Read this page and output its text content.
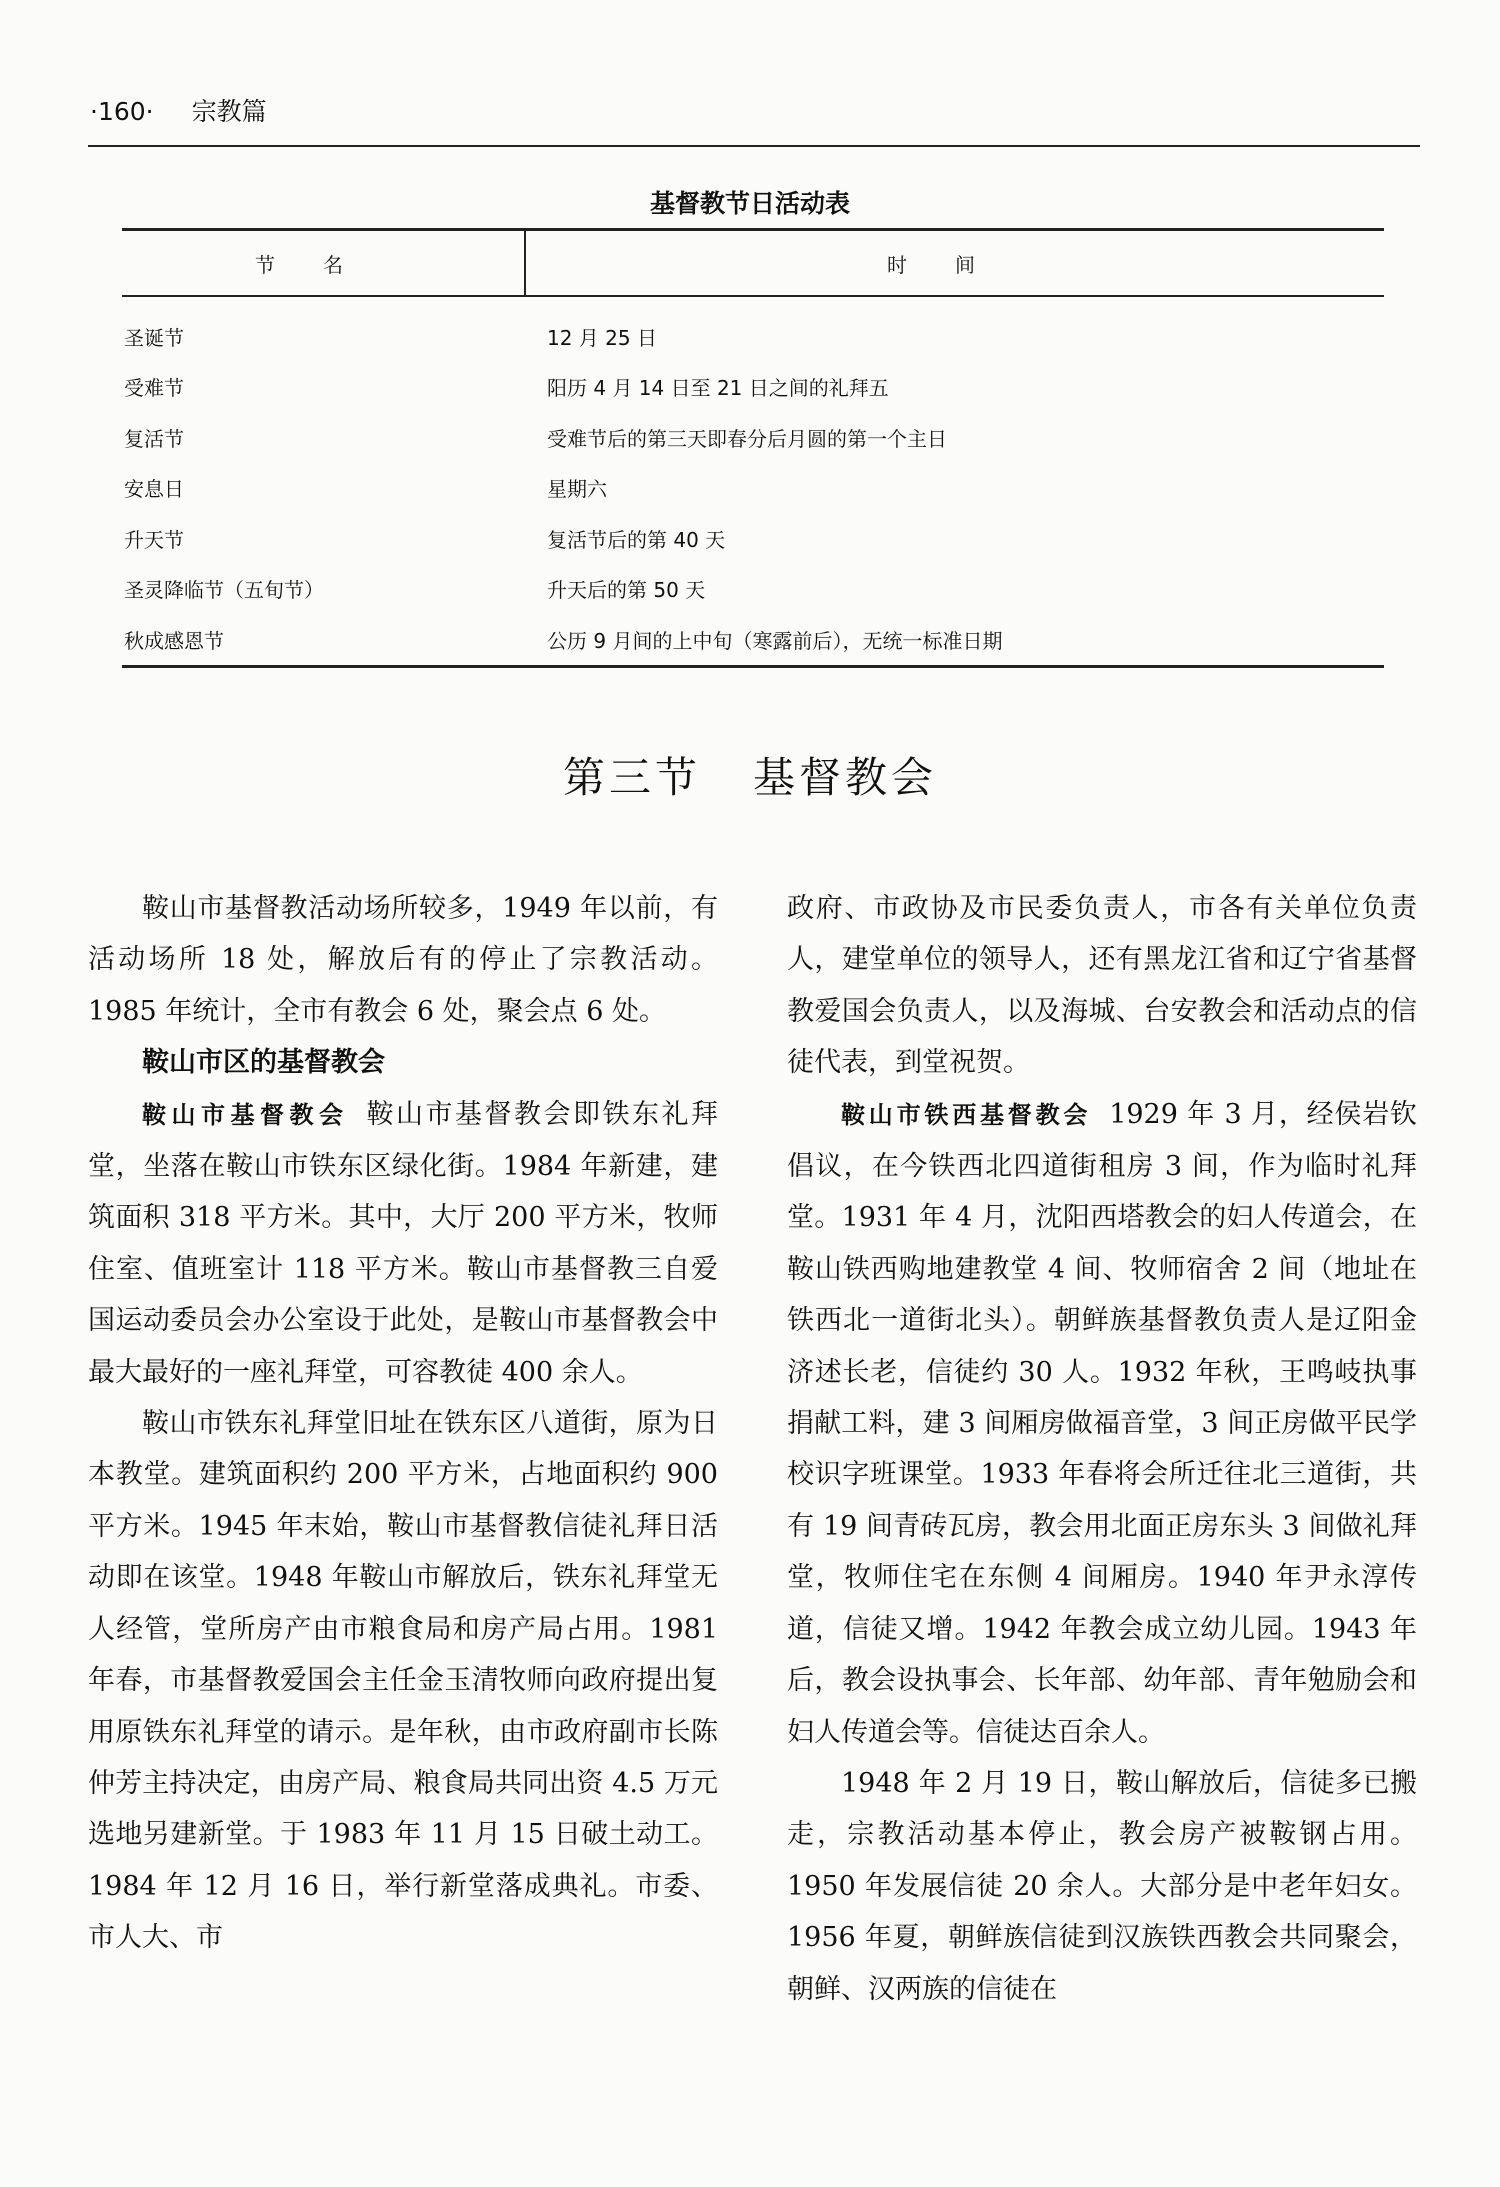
·160· 宗教篇
基督教节日活动表
节名	时间
圣诞节	12 月 25 日
受难节	阳历 4 月 14 日至 21 日之间的礼拜五
复活节	受难节后的第三天即春分后月圆的第一个主日
安息日	星期六
升天节	复活节后的第 40 天
圣灵降临节（五旬节）	升天后的第 50 天
秋成感恩节	公历 9 月间的上中旬（寒露前后），无统一标准日期
第三节 基督教会

鞍山市基督教活动场所较多，1949 年以前，有活动场所 18 处，解放后有的停止了宗教活动。1985 年统计，全市有教会 6 处，聚会点 6 处。

鞍山市区的基督教会

鞍山市基督教会 鞍山市基督教会即铁东礼拜堂，坐落在鞍山市铁东区绿化街。1984 年新建，建筑面积 318 平方米。其中，大厅 200 平方米，牧师住室、值班室计 118 平方米。鞍山市基督教三自爱国运动委员会办公室设于此处，是鞍山市基督教会中最大最好的一座礼拜堂，可容教徒 400 余人。

鞍山市铁东礼拜堂旧址在铁东区八道街，原为日本教堂。建筑面积约 200 平方米，占地面积约 900 平方米。1945 年末始，鞍山市基督教信徒礼拜日活动即在该堂。1948 年鞍山市解放后，铁东礼拜堂无人经管，堂所房产由市粮食局和房产局占用。1981 年春，市基督教爱国会主任金玉清牧师向政府提出复用原铁东礼拜堂的请示。是年秋，由市政府副市长陈仲芳主持决定，由房产局、粮食局共同出资 4.5 万元选地另建新堂。于 1983 年 11 月 15 日破土动工。1984 年 12 月 16 日，举行新堂落成典礼。市委、市人大、市

政府、市政协及市民委负责人，市各有关单位负责人，建堂单位的领导人，还有黑龙江省和辽宁省基督教爱国会负责人，以及海城、台安教会和活动点的信徒代表，到堂祝贺。

鞍山市铁西基督教会 1929 年 3 月，经侯岩钦倡议，在今铁西北四道街租房 3 间，作为临时礼拜堂。1931 年 4 月，沈阳西塔教会的妇人传道会，在鞍山铁西购地建教堂 4 间、牧师宿舍 2 间（地址在铁西北一道街北头）。朝鲜族基督教负责人是辽阳金济述长老，信徒约 30 人。1932 年秋，王鸣岐执事捐献工料，建 3 间厢房做福音堂，3 间正房做平民学校识字班课堂。1933 年春将会所迁往北三道街，共有 19 间青砖瓦房，教会用北面正房东头 3 间做礼拜堂，牧师住宅在东侧 4 间厢房。1940 年尹永淳传道，信徒又增。1942 年教会成立幼儿园。1943 年后，教会设执事会、长年部、幼年部、青年勉励会和妇人传道会等。信徒达百余人。

1948 年 2 月 19 日，鞍山解放后，信徒多已搬走，宗教活动基本停止，教会房产被鞍钢占用。1950 年发展信徒 20 余人。大部分是中老年妇女。1956 年夏，朝鲜族信徒到汉族铁西教会共同聚会，朝鲜、汉两族的信徒在
